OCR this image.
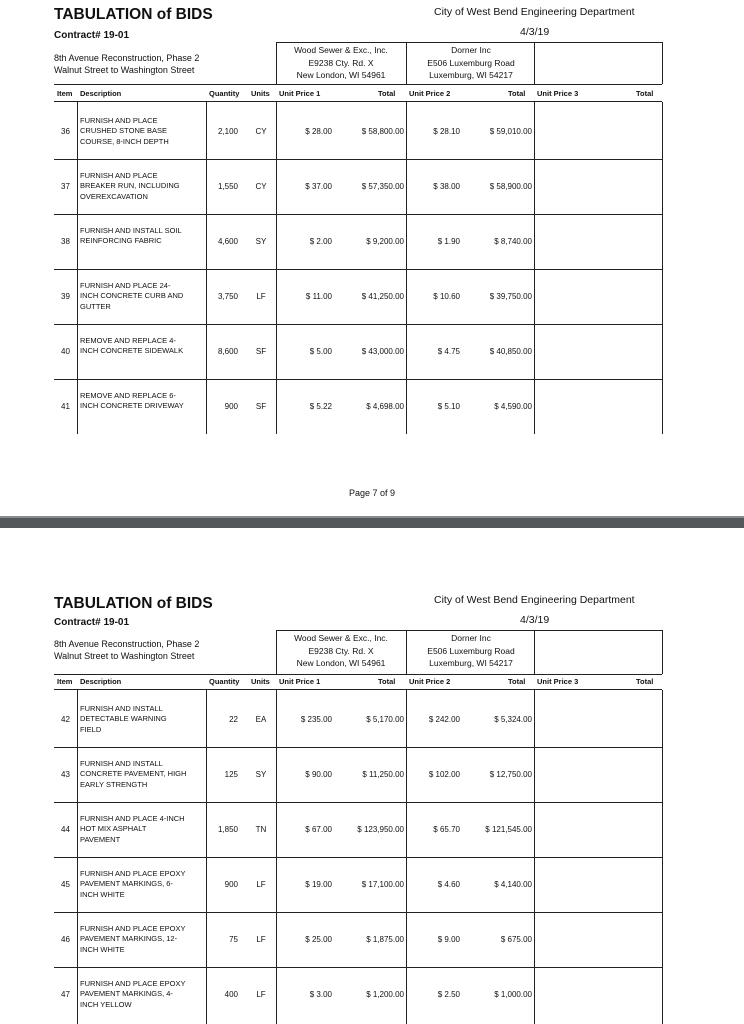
TABULATION of BIDS
Contract# 19-01
City of West Bend Engineering Department
4/3/19
8th Avenue Reconstruction, Phase 2
Walnut Street to Washington Street
Wood Sewer & Exc., Inc.
E9238 Cty. Rd. X
New London, WI 54961
Dorner Inc
E506 Luxemburg Road
Luxemburg, WI 54217
Item Description	Quantity Units Unit Price 1	Total Unit Price 2	Total Unit Price 3	Total
36
FURNISH AND PLACE
CRUSHED STONE BASE
COURSE, 8-INCH DEPTH
2,100	CY	$ 28.00	$ 58,800.00	$ 28.10	$ 59,010.00
37
FURNISH AND PLACE
BREAKER RUN, INCLUDING
OVEREXCAVATION
1,550	CY	$ 37.00	$ 57,350.00	$ 38.00	$ 58,900.00
38
FURNISH AND INSTALL SOIL
REINFORCING FABRIC	4,600	SY	$ 2.00	$ 9,200.00	$ 1.90	$ 8,740.00
39
FURNISH AND PLACE 24-
INCH CONCRETE CURB AND
GUTTER
3,750	LF	$ 11.00	$ 41,250.00	$ 10.60	$ 39,750.00
40
REMOVE AND REPLACE 4-
INCH CONCRETE SIDEWALK	8,600	SF	$ 5.00	$ 43,000.00	$ 4.75	$ 40,850.00
41
REMOVE AND REPLACE 6-
INCH CONCRETE DRIVEWAY	900	SF	$ 5.22	$ 4,698.00	$ 5.10	$ 4,590.00
Page 7 of 9
TABULATION of BIDS
Contract# 19-01
City of West Bend Engineering Department
4/3/19
8th Avenue Reconstruction, Phase 2
Walnut Street to Washington Street
Wood Sewer & Exc., Inc.
E9238 Cty. Rd. X
New London, WI 54961
Dorner Inc
E506 Luxemburg Road
Luxemburg, WI 54217
Item Description	Quantity Units Unit Price 1	Total Unit Price 2	Total Unit Price 3	Total
42
FURNISH AND INSTALL
DETECTABLE WARNING
FIELD
22	EA	$ 235.00	$ 5,170.00	$ 242.00	$ 5,324.00
43
FURNISH AND INSTALL
CONCRETE PAVEMENT, HIGH
EARLY STRENGTH
125	SY	$ 90.00	$ 11,250.00	$ 102.00	$ 12,750.00
44
FURNISH AND PLACE 4-INCH
HOT MIX ASPHALT
PAVEMENT
1,850	TN	$ 67.00	$ 123,950.00	$ 65.70	$ 121,545.00
45
FURNISH AND PLACE EPOXY
PAVEMENT MARKINGS, 6-
INCH WHITE
900	LF	$ 19.00	$ 17,100.00	$ 4.60	$ 4,140.00
46
FURNISH AND PLACE EPOXY
PAVEMENT MARKINGS, 12-
INCH WHITE
75	LF	$ 25.00	$ 1,875.00	$ 9.00	$ 675.00
47
FURNISH AND PLACE EPOXY
PAVEMENT MARKINGS, 4-
INCH YELLOW
400	LF	$ 3.00	$ 1,200.00	$ 2.50	$ 1,000.00
